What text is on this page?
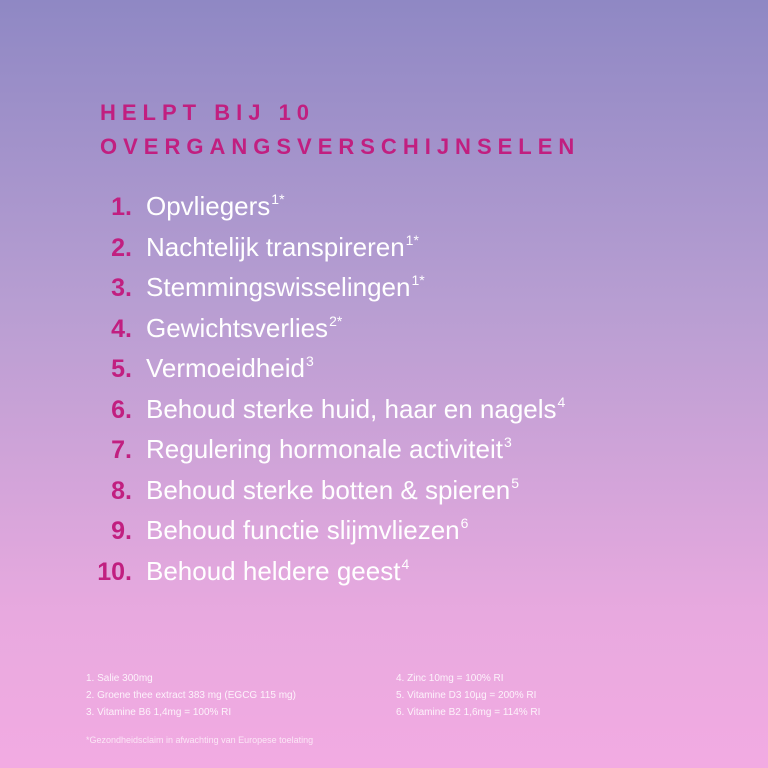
HELPT BIJ 10
OVERGANGSVERSCHIJNSELEN
1. Opvliegers 1*
2. Nachtelijk transpireren 1*
3. Stemmingswisselingen 1*
4. Gewichtsverlies 2*
5. Vermoeidheid 3
6. Behoud sterke huid, haar en nagels 4
7. Regulering hormonale activiteit 3
8. Behoud sterke botten & spieren 5
9. Behoud functie slijmvliezen 6
10. Behoud heldere geest 4
1. Salie 300mg
2. Groene thee extract 383 mg (EGCG 115 mg)
3. Vitamine B6 1,4mg = 100% RI
4. Zinc 10mg = 100% RI
5. Vitamine D3 10µg = 200% RI
6. Vitamine B2 1,6mg = 114% RI
*Gezondheidsclaim in afwachting van Europese toelating
